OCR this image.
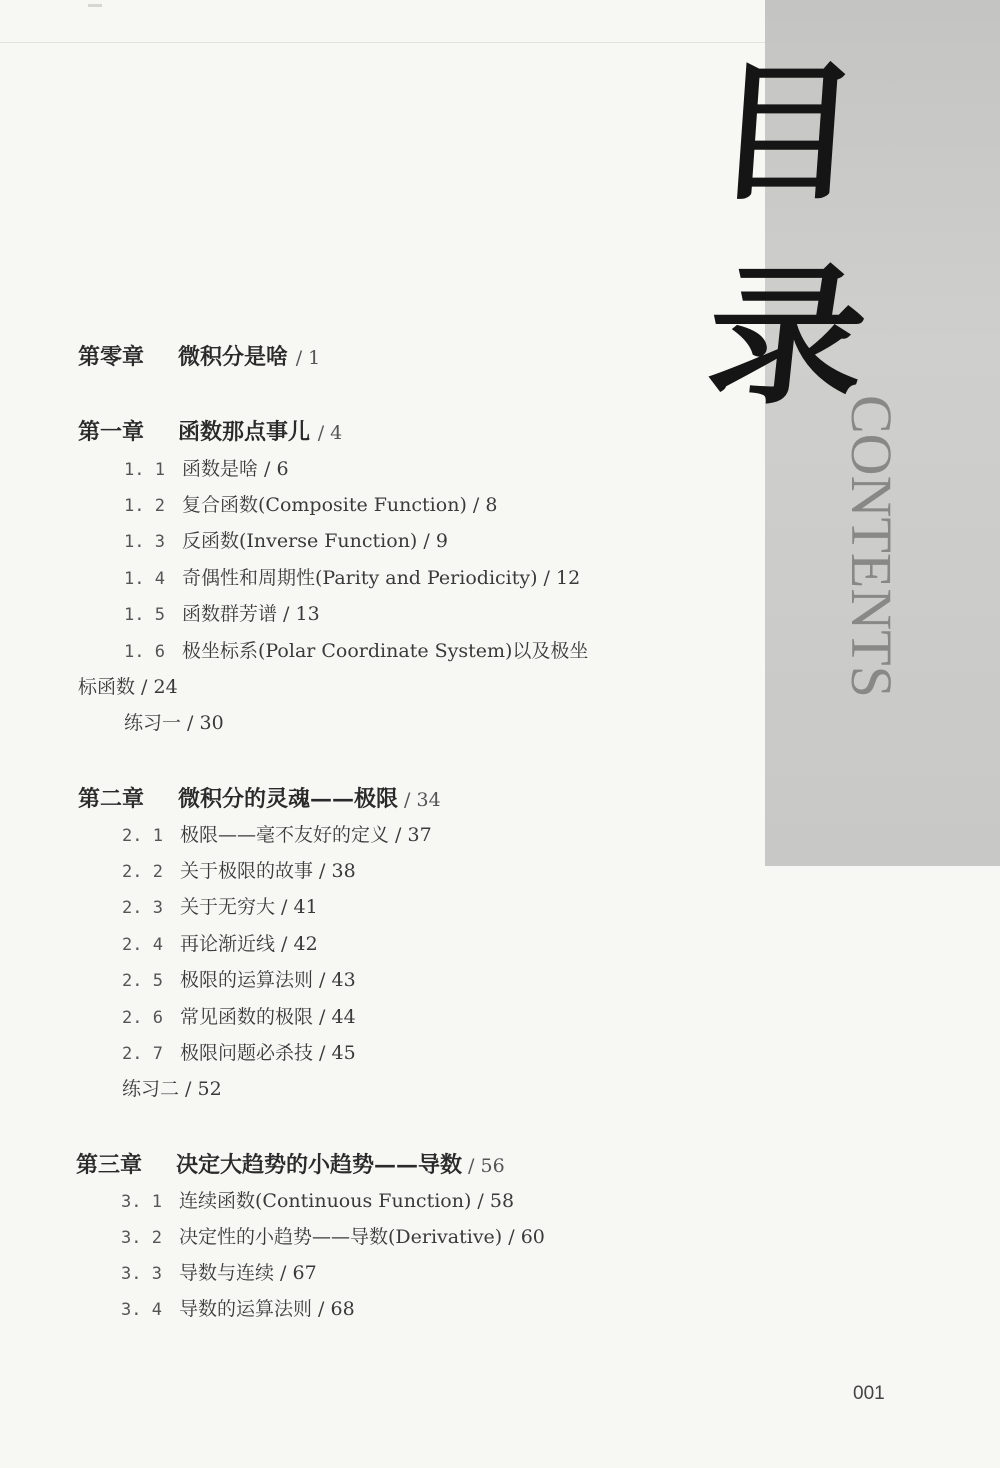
目
录
CONTENTS
第零章 微积分是啥 / 1
第一章 函数那点事儿 / 4
1. 1 函数是啥 / 6
1. 2 复合函数(Composite Function) / 8
1. 3 反函数(Inverse Function) / 9
1. 4 奇偶性和周期性(Parity and Periodicity) / 12
1. 5 函数群芳谱 / 13
1. 6 极坐标系(Polar Coordinate System)以及极坐
标函数 / 24
练习一 / 30
第二章 微积分的灵魂——极限 / 34
2. 1 极限——毫不友好的定义 / 37
2. 2 关于极限的故事 / 38
2. 3 关于无穷大 / 41
2. 4 再论渐近线 / 42
2. 5 极限的运算法则 / 43
2. 6 常见函数的极限 / 44
2. 7 极限问题必杀技 / 45
练习二 / 52
第三章 决定大趋势的小趋势——导数 / 56
3. 1 连续函数(Continuous Function) / 58
3. 2 决定性的小趋势——导数(Derivative) / 60
3. 3 导数与连续 / 67
3. 4 导数的运算法则 / 68
001
